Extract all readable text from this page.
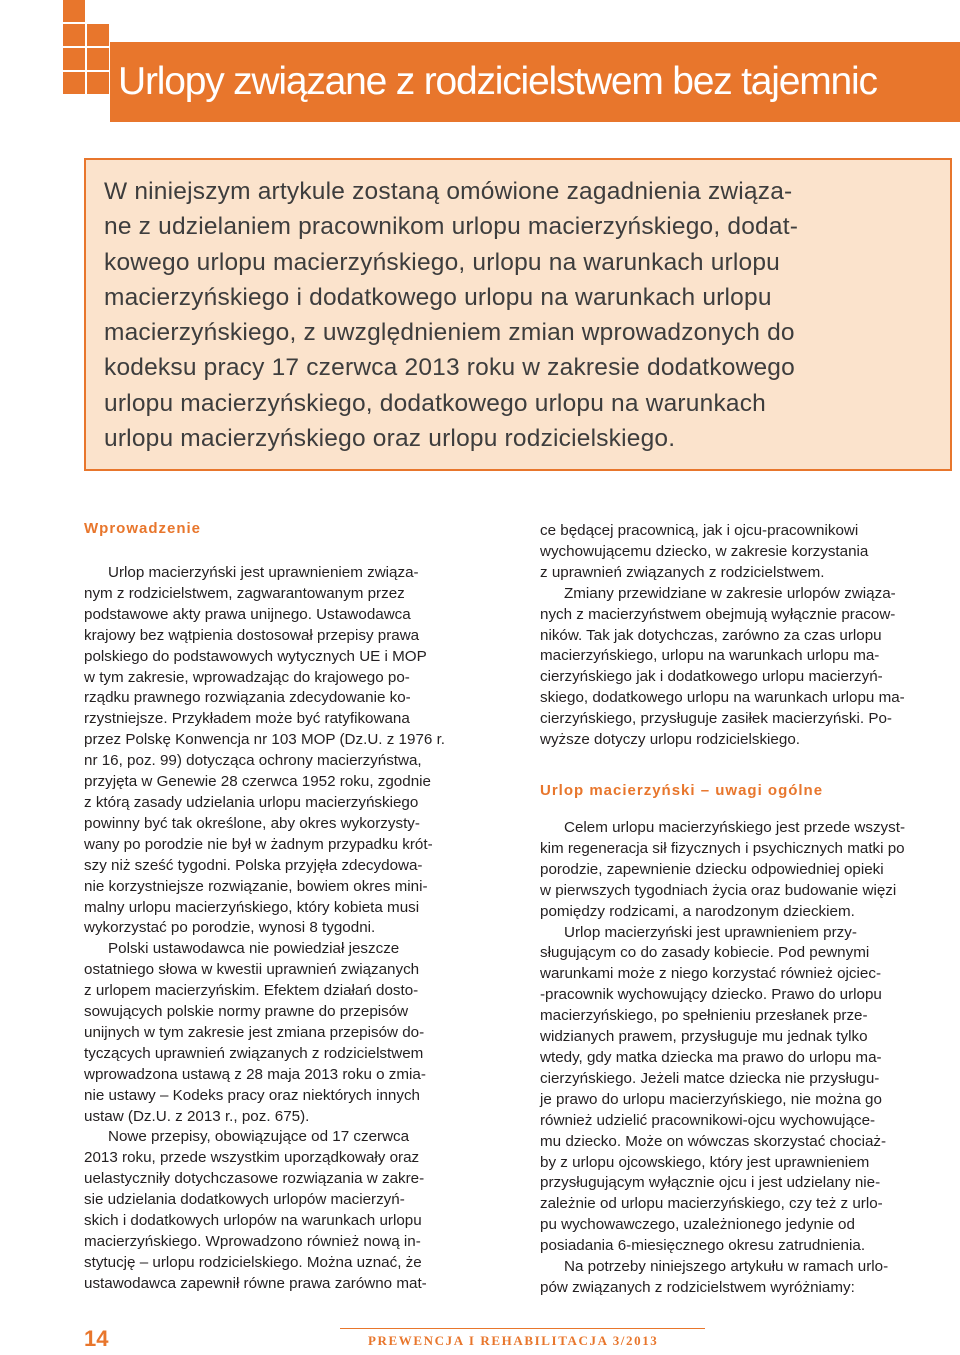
Urlopy związane z rodzicielstwem bez tajemnic
W niniejszym artykule zostaną omówione zagadnienia związa-
ne z udzielaniem pracownikom urlopu macierzyńskiego, dodat-
kowego urlopu macierzyńskiego, urlopu na warunkach urlopu
macierzyńskiego i dodatkowego urlopu na warunkach urlopu
macierzyńskiego, z uwzględnieniem zmian wprowadzonych do
kodeksu pracy 17 czerwca 2013 roku w zakresie dodatkowego
urlopu macierzyńskiego, dodatkowego urlopu na warunkach
urlopu macierzyńskiego oraz urlopu rodzicielskiego.
Wprowadzenie
Urlop macierzyński jest uprawnieniem związa-
nym z rodzicielstwem, zagwarantowanym przez
podstawowe akty prawa unijnego. Ustawodawca
krajowy bez wątpienia dostosował przepisy prawa
polskiego do podstawowych wytycznych UE i MOP
w tym zakresie, wprowadzając do krajowego po-
rządku prawnego rozwiązania zdecydowanie ko-
rzystniejsze. Przykładem może być ratyfikowana
przez Polskę Konwencja nr 103 MOP (Dz.U. z 1976 r.
nr 16, poz. 99) dotycząca ochrony macierzyństwa,
przyjęta w Genewie 28 czerwca 1952 roku, zgodnie
z którą zasady udzielania urlopu macierzyńskiego
powinny być tak określone, aby okres wykorzysty-
wany po porodzie nie był w żadnym przypadku krót-
szy niż sześć tygodni. Polska przyjęła zdecydowa-
nie korzystniejsze rozwiązanie, bowiem okres mini-
malny urlopu macierzyńskiego, który kobieta musi
wykorzystać po porodzie, wynosi 8 tygodni.
Polski ustawodawca nie powiedział jeszcze
ostatniego słowa w kwestii uprawnień związanych
z urlopem macierzyńskim. Efektem działań dosto-
sowujących polskie normy prawne do przepisów
unijnych w tym zakresie jest zmiana przepisów do-
tyczących uprawnień związanych z rodzicielstwem
wprowadzona ustawą z 28 maja 2013 roku o zmia-
nie ustawy – Kodeks pracy oraz niektórych innych
ustaw (Dz.U. z 2013 r., poz. 675).
Nowe przepisy, obowiązujące od 17 czerwca
2013 roku, przede wszystkim uporządkowały oraz
uelastyczniły dotychczasowe rozwiązania w zakre-
sie udzielania dodatkowych urlopów macierzyń-
skich i dodatkowych urlopów na warunkach urlopu
macierzyńskiego. Wprowadzono również nową in-
stytucję – urlopu rodzicielskiego. Można uznać, że
ustawodawca zapewnił równe prawa zarówno mat-
ce będącej pracownicą, jak i ojcu-pracownikowi
wychowującemu dziecko, w zakresie korzystania
z uprawnień związanych z rodzicielstwem.
Zmiany przewidziane w zakresie urlopów związa-
nych z macierzyństwem obejmują wyłącznie pracow-
ników. Tak jak dotychczas, zarówno za czas urlopu
macierzyńskiego, urlopu na warunkach urlopu ma-
cierzyńskiego jak i dodatkowego urlopu macierzyń-
skiego, dodatkowego urlopu na warunkach urlopu ma-
cierzyńskiego, przysługuje zasiłek macierzyński. Po-
wyższe dotyczy urlopu rodzicielskiego.
Urlop macierzyński – uwagi ogólne
Celem urlopu macierzyńskiego jest przede wszyst-
kim regeneracja sił fizycznych i psychicznych matki po
porodzie, zapewnienie dziecku odpowiedniej opieki
w pierwszych tygodniach życia oraz budowanie więzi
pomiędzy rodzicami, a narodzonym dzieckiem.
Urlop macierzyński jest uprawnieniem przy-
sługującym co do zasady kobiecie. Pod pewnymi
warunkami może z niego korzystać również ojciec-
-pracownik wychowujący dziecko. Prawo do urlopu
macierzyńskiego, po spełnieniu przesłanek prze-
widzianych prawem, przysługuje mu jednak tylko
wtedy, gdy matka dziecka ma prawo do urlopu ma-
cierzyńskiego. Jeżeli matce dziecka nie przysługu-
je prawo do urlopu macierzyńskiego, nie można go
również udzielić pracownikowi-ojcu wychowujące-
mu dziecko. Może on wówczas skorzystać chociaż-
by z urlopu ojcowskiego, który jest uprawnieniem
przysługującym wyłącznie ojcu i jest udzielany nie-
zależnie od urlopu macierzyńskiego, czy też z urlo-
pu wychowawczego, uzależnionego jedynie od
posiadania 6-miesięcznego okresu zatrudnienia.
Na potrzeby niniejszego artykułu w ramach urlo-
pów związanych z rodzicielstwem wyróżniamy:
14	PREWENCJA I REHABILITACJA 3/2013
